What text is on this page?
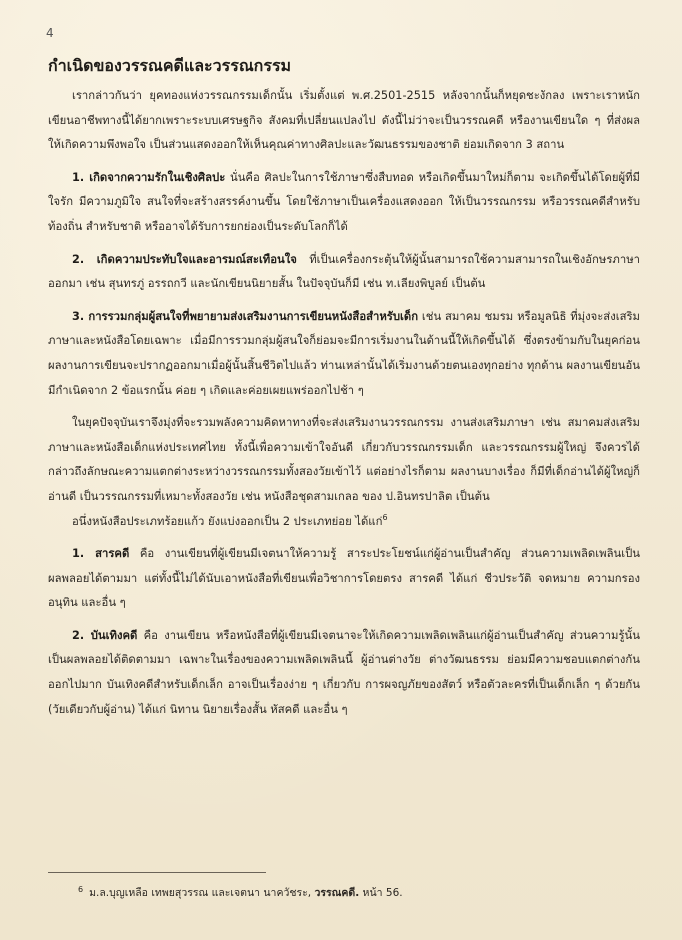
4
กำเนิดของวรรณคดีและวรรณกรรม

เรากล่าวกันว่า ยุคทองแห่งวรรณกรรมเด็กนั้น เริ่มตั้งแต่ พ.ศ.2501-2515 หลังจากนั้นก็หยุดชะงักลง เพราะเราหนักเขียนอาชีพทางนี้ได้ยากเพราะระบบเศรษฐกิจ สังคมที่เปลี่ยนแปลงไป ดังนี้ไม่ว่าจะเป็นวรรณคดี หรืองานเขียนใด ๆ ที่ส่งผลให้เกิดความพึงพอใจ เป็นส่วนแสดงออกให้เห็นคุณค่าทางศิลปะและวัฒนธรรมของชาติ ย่อมเกิดจาก 3 สถาน

1. เกิดจากความรักในเชิงศิลปะ นั่นคือ ศิลปะในการใช้ภาษาซึ่งสืบทอด หรือเกิดขึ้นมาใหม่ก็ตาม จะเกิดขึ้นได้โดยผู้ที่มีใจรัก มีความภูมิใจ สนใจที่จะสร้างสรรค์งานขึ้น โดยใช้ภาษาเป็นเครื่องแสดงออก ให้เป็นวรรณกรรม หรือวรรณคดีสำหรับท้องถิ่น สำหรับชาติ หรืออาจได้รับการยกย่องเป็นระดับโลกก็ได้

2. เกิดความประทับใจและอารมณ์สะเทือนใจ ที่เป็นเครื่องกระตุ้นให้ผู้นั้นสามารถใช้ความสามารถในเชิงอักษรภาษาออกมา เช่น สุนทรภู่ อรรถกวี และนักเขียนนิยายสั้น ในปัจจุบันก็มี เช่น ท.เลียงพิบูลย์ เป็นต้น

3. การรวมกลุ่มผู้สนใจที่พยายามส่งเสริมงานการเขียนหนังสือสำหรับเด็ก เช่น สมาคม ชมรม หรือมูลนิธิ ที่มุ่งจะส่งเสริมภาษาและหนังสือโดยเฉพาะ เมื่อมีการรวมกลุ่มผู้สนใจก็ย่อมจะมีการเริ่มงานในด้านนี้ให้เกิดขึ้นได้ ซึ่งตรงข้ามกับในยุคก่อน ผลงานการเขียนจะปรากฏออกมาเมื่อผู้นั้นสิ้นชีวิตไปแล้ว ท่านเหล่านั้นได้เริ่มงานด้วยตนเองทุกอย่าง ทุกด้าน ผลงานเขียนอันมีกำเนิดจาก 2 ข้อแรกนั้น ค่อย ๆ เกิดและค่อยเผยแพร่ออกไปช้า ๆ

ในยุคปัจจุบันเราจึงมุ่งที่จะรวมพลังความคิดหาทางที่จะส่งเสริมงานวรรณกรรม งานส่งเสริมภาษา เช่น สมาคมส่งเสริมภาษาและหนังสือเด็กแห่งประเทศไทย ทั้งนี้เพื่อความเข้าใจอันดี เกี่ยวกับวรรณกรรมเด็ก และวรรณกรรมผู้ใหญ่ จึงควรได้กล่าวถึงลักษณะความแตกต่างระหว่างวรรณกรรมทั้งสองวัยเข้าไว้ แต่อย่างไรก็ตาม ผลงานบางเรื่อง ก็มีที่เด็กอ่านได้ผู้ใหญ่ก็อ่านดี เป็นวรรณกรรมที่เหมาะทั้งสองวัย เช่น หนังสือชุดสามเกลอ ของ ป.อินทรปาลิต เป็นต้น

อนึ่งหนังสือประเภทร้อยแก้ว ยังแบ่งออกเป็น 2 ประเภทย่อย ได้แก่$^6$

1. สารคดี คือ งานเขียนที่ผู้เขียนมีเจตนาให้ความรู้ สาระประโยชน์แก่ผู้อ่านเป็นสำคัญ ส่วนความเพลิดเพลินเป็นผลพลอยได้ตามมา แต่ทั้งนี้ไม่ได้นับเอาหนังสือที่เขียนเพื่อวิชาการโดยตรง สารคดี ได้แก่ ชีวประวัติ จดหมาย ความกรอง อนุทิน และอื่น ๆ

2. บันเทิงคดี คือ งานเขียน หรือหนังสือที่ผู้เขียนมีเจตนาจะให้เกิดความเพลิดเพลินแก่ผู้อ่านเป็นสำคัญ ส่วนความรู้นั้นเป็นผลพลอยได้ติดตามมา เฉพาะในเรื่องของความเพลิดเพลินนี้ ผู้อ่านต่างวัย ต่างวัฒนธรรม ย่อมมีความชอบแตกต่างกันออกไปมาก บันเทิงคดีสำหรับเด็กเล็ก อาจเป็นเรื่องง่าย ๆ เกี่ยวกับ การผจญภัยของสัตว์ หรือตัวละครที่เป็นเด็กเล็ก ๆ ด้วยกัน (วัยเดียวกับผู้อ่าน) ได้แก่ นิทาน นิยายเรื่องสั้น หัสคดี และอื่น ๆ

$^6$ ม.ล.บุญเหลือ เทพยสุวรรณ และเจตนา นาควัชระ, วรรณคดี. หน้า 56.
